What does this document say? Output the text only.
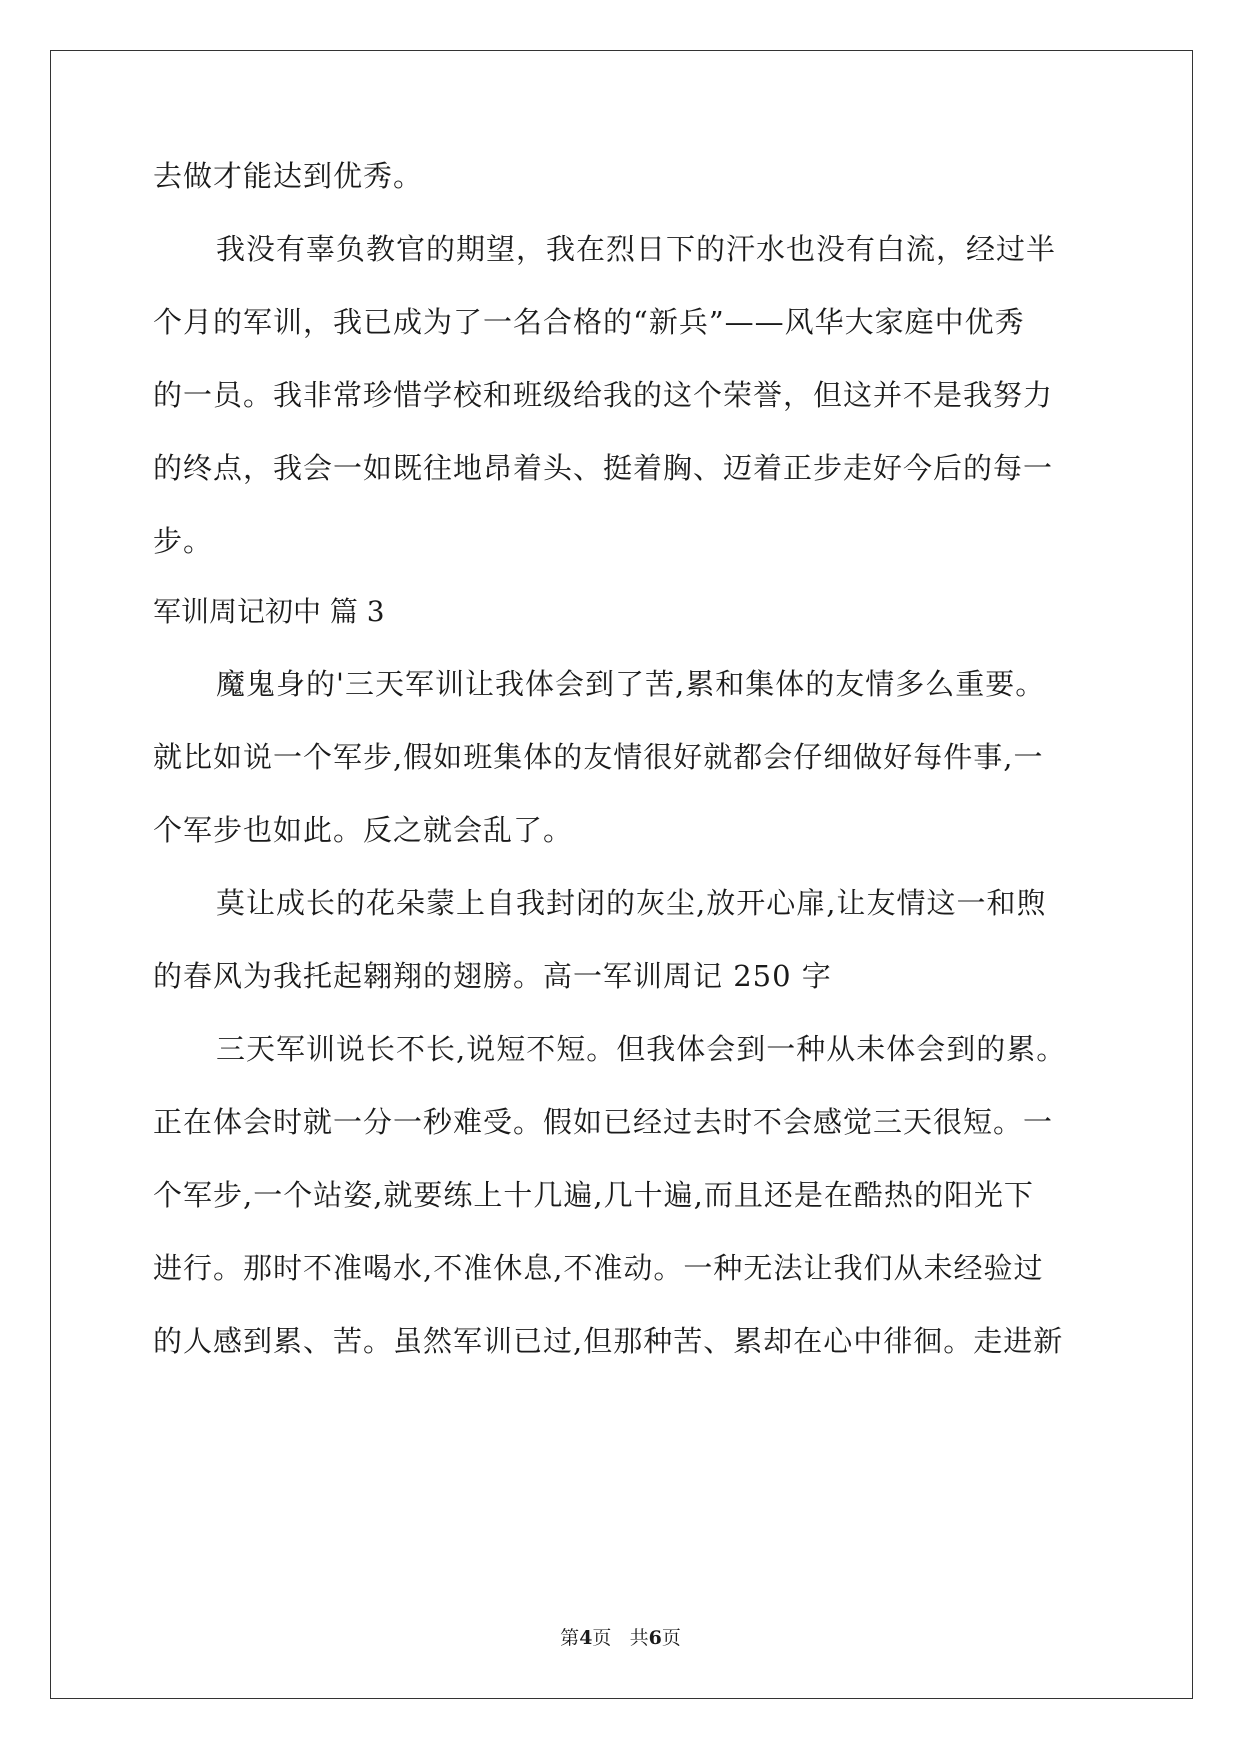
去做才能达到优秀。
我没有辜负教官的期望，我在烈日下的汗水也没有白流，经过半
个月的军训，我已成为了一名合格的“新兵”——风华大家庭中优秀
的一员。我非常珍惜学校和班级给我的这个荣誉，但这并不是我努力
的终点，我会一如既往地昂着头、挺着胸、迈着正步走好今后的每一
步。
军训周记初中 篇 3
魔鬼身的'三天军训让我体会到了苦,累和集体的友情多么重要。
就比如说一个军步,假如班集体的友情很好就都会仔细做好每件事,一
个军步也如此。反之就会乱了。
莫让成长的花朵蒙上自我封闭的灰尘,放开心扉,让友情这一和煦
的春风为我托起翱翔的翅膀。高一军训周记 250 字
三天军训说长不长,说短不短。但我体会到一种从未体会到的累。
正在体会时就一分一秒难受。假如已经过去时不会感觉三天很短。一
个军步,一个站姿,就要练上十几遍,几十遍,而且还是在酷热的阳光下
进行。那时不准喝水,不准休息,不准动。一种无法让我们从未经验过
的人感到累、苦。虽然军训已过,但那种苦、累却在心中徘徊。走进新
第4页 共6页
